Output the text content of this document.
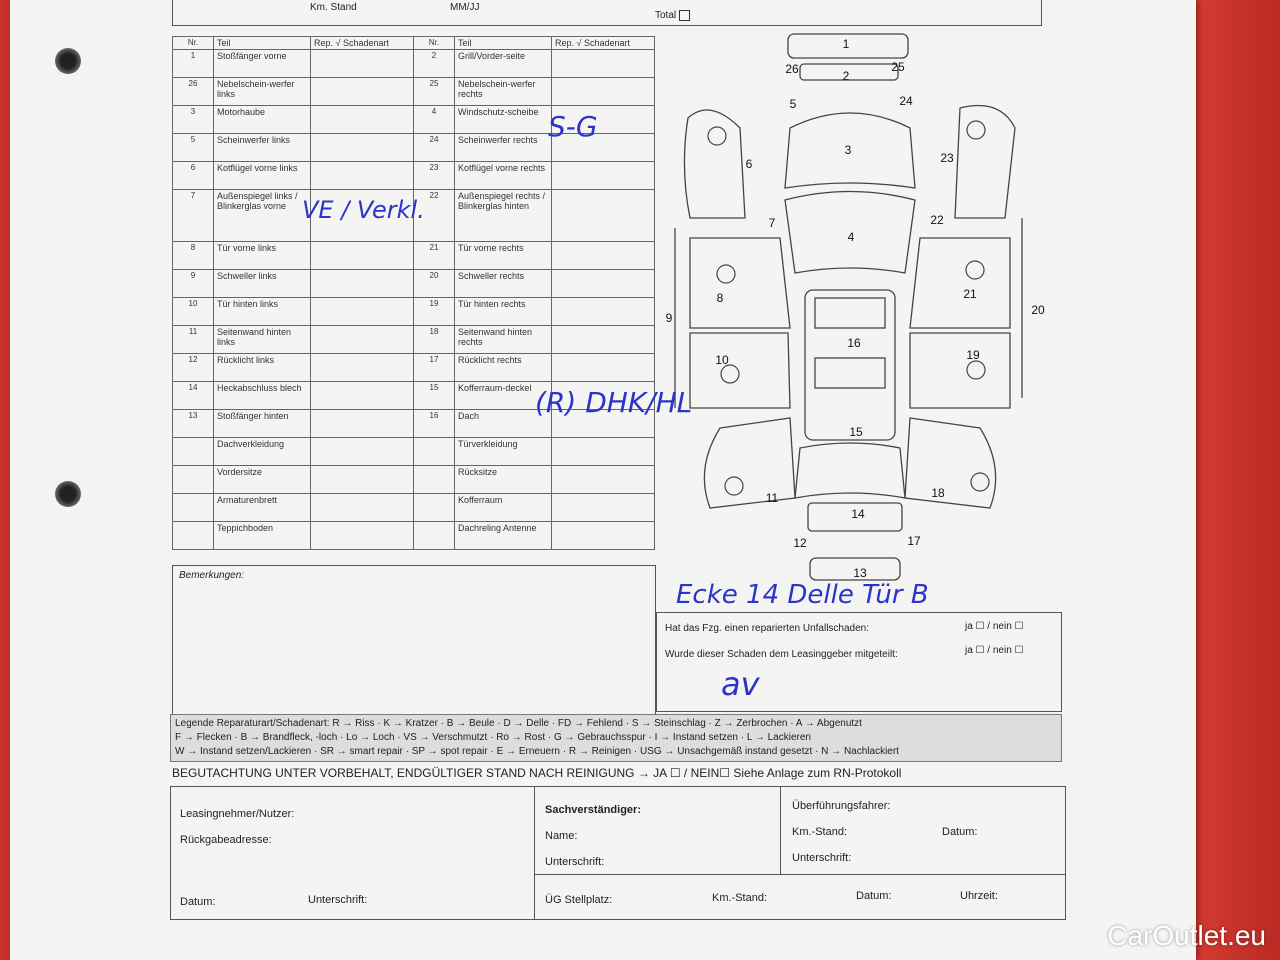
Km. Stand	MM/JJ
Total
Nr.	Teil	Rep. √ Schadenart	Nr.	Teil	Rep. √ Schadenart
1	Stoßfänger vorne		2	Grill/Vorder-seite	
26	Nebelschein-werfer links		25	Nebelschein-werfer rechts	
3	Motorhaube		4	Windschutz-scheibe	
5	Scheinwerfer links		24	Scheinwerfer rechts	
6	Kotflügel vorne links		23	Kotflügel vorne rechts	
7	Außenspiegel links / Blinkerglas vorne		22	Außenspiegel rechts / Blinkerglas hinten	
8	Tür vorne links		21	Tür vorne rechts	
9	Schweller links		20	Schweller rechts	
10	Tür hinten links		19	Tür hinten rechts	
11	Seitenwand hinten links		18	Seitenwand hinten rechts	
12	Rücklicht links		17	Rücklicht rechts	
14	Heckabschluss blech		15	Kofferraum-deckel	
13	Stoßfänger hinten		16	Dach	
	Dachverkleidung			Türverkleidung	
	Vordersitze			Rücksitze	
	Armaturenbrett			Kofferraum	
	Teppichboden			Dachreling Antenne	
1
2
3
4
5
6
7
8
9
10
11
12
13
14
15
16
17
18
19
20
21
22
23
24
25
26
VE / Verkl.
S-G
(R) DHK/HL
Ecke 14 Delle Tür B
Bemerkungen:
Hat das Fzg. einen reparierten Unfallschaden:	ja ☐ / nein ☐
Wurde dieser Schaden dem Leasinggeber mitgeteilt:	ja ☐ / nein ☐
av
Legende Reparaturart/Schadenart: R → Riss · K → Kratzer · B → Beule · D → Delle · FD → Fehlend · S → Steinschlag · Z → Zerbrochen · A → Abgenutzt
F → Flecken · B → Brandfleck, -loch · Lo → Loch · VS → Verschmutzt · Ro → Rost · G → Gebrauchsspur · I → Instand setzen · L → Lackieren
W → Instand setzen/Lackieren · SR → smart repair · SP → spot repair · E → Erneuern · R → Reinigen · USG → Unsachgemäß instand gesetzt · N → Nachlackiert
BEGUTACHTUNG UNTER VORBEHALT, ENDGÜLTIGER STAND NACH REINIGUNG → JA ☐ / NEIN☐ Siehe Anlage zum RN-Protokoll
Leasingnehmer/Nutzer:
Rückgabeadresse:
Datum:	Unterschrift:
Sachverständiger:
Name:
Unterschrift:
Überführungsfahrer:
Km.-Stand:	Datum:
Unterschrift:
ÜG Stellplatz:	Km.-Stand:	Datum:	Uhrzeit:
CarOutlet.eu
